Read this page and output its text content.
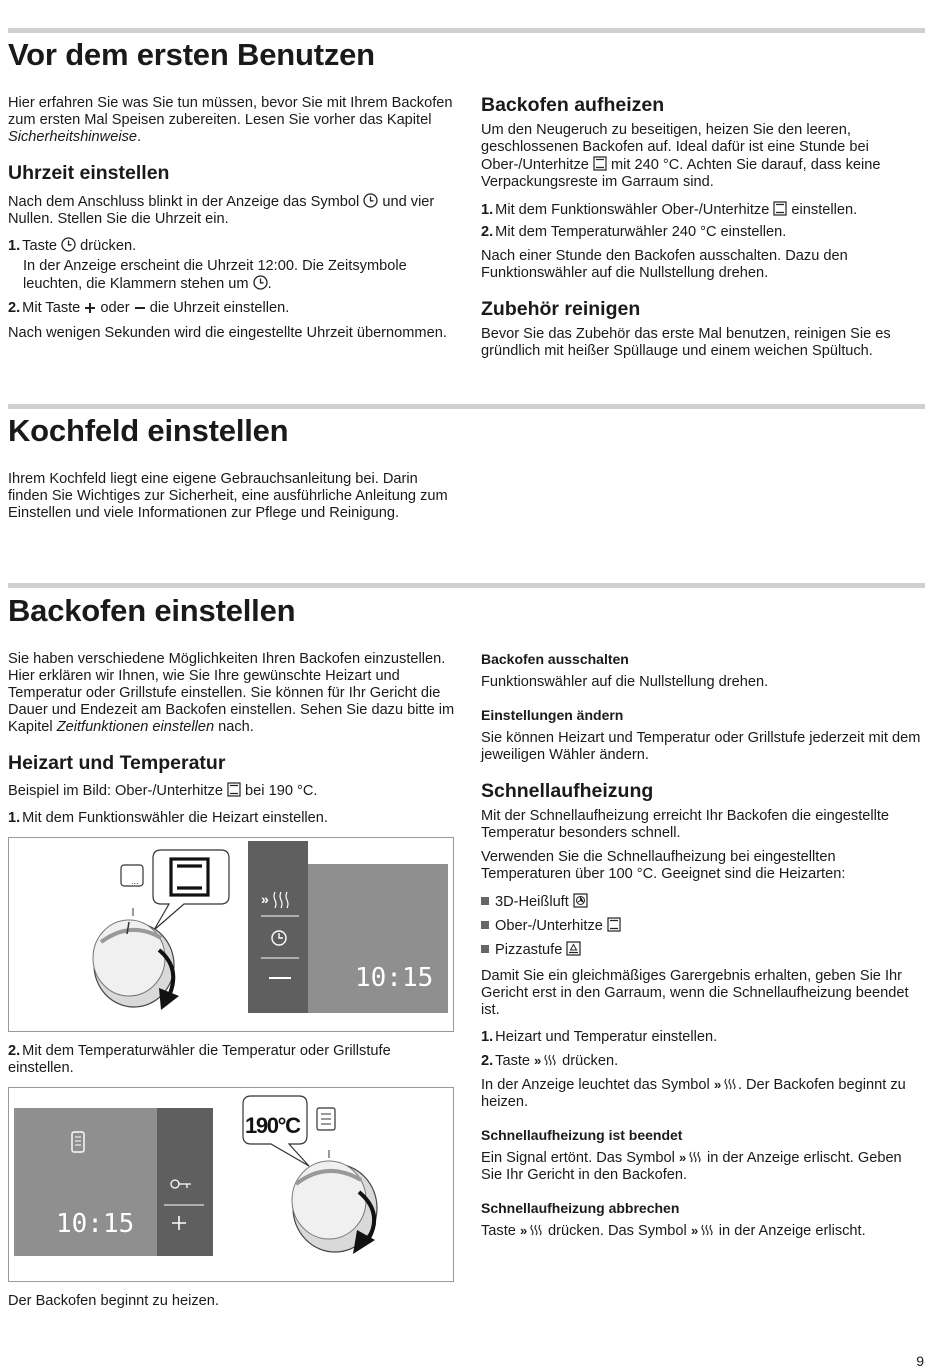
Vor dem ersten Benutzen

Hier erfahren Sie was Sie tun müssen, bevor Sie mit Ihrem Backofen zum ersten Mal Speisen zubereiten. Lesen Sie vorher das Kapitel Sicherheitshinweise.

Uhrzeit einstellen

Nach dem Anschluss blinkt in der Anzeige das Symbol
und vier Nullen. Stellen Sie die Uhrzeit ein.

1. Taste
drücken.

In der Anzeige erscheint die Uhrzeit 12:00. Die Zeitsymbole leuchten, die Klammern stehen um
.

2. Mit Taste
oder
die Uhrzeit einstellen.

Nach wenigen Sekunden wird die eingestellte Uhrzeit übernommen.

Backofen aufheizen

Um den Neugeruch zu beseitigen, heizen Sie den leeren, geschlossenen Backofen auf. Ideal dafür ist eine Stunde bei Ober-/Unterhitze
mit 240 °C. Achten Sie darauf, dass keine Verpackungsreste im Garraum sind.

1. Mit dem Funktionswähler Ober-/Unterhitze
einstellen.

2. Mit dem Temperaturwähler 240 °C einstellen.

Nach einer Stunde den Backofen ausschalten. Dazu den Funktionswähler auf die Nullstellung drehen.

Zubehör reinigen

Bevor Sie das Zubehör das erste Mal benutzen, reinigen Sie es gründlich mit heißer Spüllauge und einem weichen Spültuch.

Kochfeld einstellen

Ihrem Kochfeld liegt eine eigene Gebrauchsanleitung bei. Darin finden Sie Wichtiges zur Sicherheit, eine ausführliche Anleitung zum Einstellen und viele Informationen zur Pflege und Reinigung.

Backofen einstellen

Sie haben verschiedene Möglichkeiten Ihren Backofen einzustellen. Hier erklären wir Ihnen, wie Sie Ihre gewünschte Heizart und Temperatur oder Grillstufe einstellen. Sie können für Ihr Gericht die Dauer und Endezeit am Backofen einstellen. Sehen Sie dazu bitte im Kapitel Zeitfunktionen einstellen nach.

Heizart und Temperatur

Beispiel im Bild: Ober-/Unterhitze
bei 190 °C.

1. Mit dem Funktionswähler die Heizart einstellen.

...
»
10:15

2. Mit dem Temperaturwähler die Temperatur oder Grillstufe einstellen.

10:15
190°C

Der Backofen beginnt zu heizen.

Backofen ausschalten

Funktionswähler auf die Nullstellung drehen.

Einstellungen ändern

Sie können Heizart und Temperatur oder Grillstufe jederzeit mit dem jeweiligen Wähler ändern.

Schnellaufheizung

Mit der Schnellaufheizung erreicht Ihr Backofen die eingestellte Temperatur besonders schnell.

Verwenden Sie die Schnellaufheizung bei eingestellten Temperaturen über 100 °C. Geeignet sind die Heizarten:

3D-Heißluft
Ober-/Unterhitze
Pizzastufe

Damit Sie ein gleichmäßiges Garergebnis erhalten, geben Sie Ihr Gericht erst in den Garraum, wenn die Schnellaufheizung beendet ist.

1. Heizart und Temperatur einstellen.

2. Taste » drücken.

In der Anzeige leuchtet das Symbol » . Der Backofen beginnt zu heizen.

Schnellaufheizung ist beendet

Ein Signal ertönt. Das Symbol » in der Anzeige erlischt. Geben Sie Ihr Gericht in den Backofen.

Schnellaufheizung abbrechen

Taste » drücken. Das Symbol » in der Anzeige erlischt.

9
